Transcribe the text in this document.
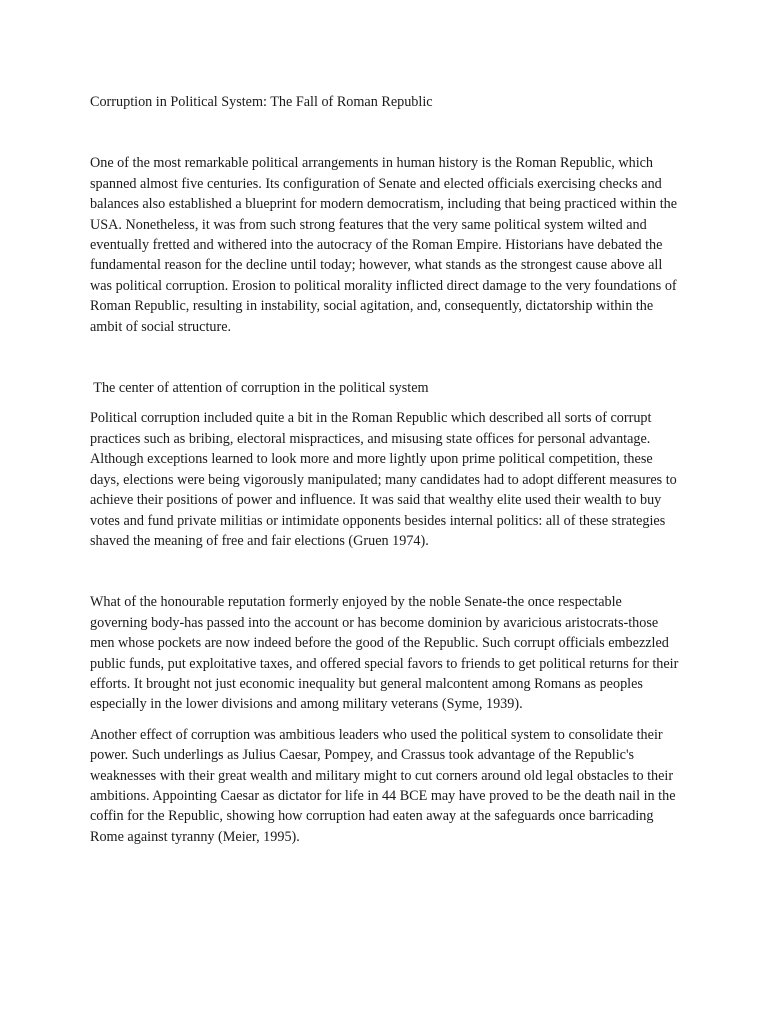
Corruption in Political System: The Fall of Roman Republic

One of the most remarkable political arrangements in human history is the Roman Republic, which spanned almost five centuries. Its configuration of Senate and elected officials exercising checks and balances also established a blueprint for modern democratism, including that being practiced within the USA. Nonetheless, it was from such strong features that the very same political system wilted and eventually fretted and withered into the autocracy of the Roman Empire. Historians have debated the fundamental reason for the decline until today; however, what stands as the strongest cause above all was political corruption. Erosion to political morality inflicted direct damage to the very foundations of Roman Republic, resulting in instability, social agitation, and, consequently, dictatorship within the ambit of social structure.

The center of attention of corruption in the political system

Political corruption included quite a bit in the Roman Republic which described all sorts of corrupt practices such as bribing, electoral mispractices, and misusing state offices for personal advantage. Although exceptions learned to look more and more lightly upon prime political competition, these days, elections were being vigorously manipulated; many candidates had to adopt different measures to achieve their positions of power and influence. It was said that wealthy elite used their wealth to buy votes and fund private militias or intimidate opponents besides internal politics: all of these strategies shaved the meaning of free and fair elections (Gruen 1974).

What of the honourable reputation formerly enjoyed by the noble Senate-the once respectable governing body-has passed into the account or has become dominion by avaricious aristocrats-those men whose pockets are now indeed before the good of the Republic. Such corrupt officials embezzled public funds, put exploitative taxes, and offered special favors to friends to get political returns for their efforts. It brought not just economic inequality but general malcontent among Romans as peoples especially in the lower divisions and among military veterans (Syme, 1939).

Another effect of corruption was ambitious leaders who used the political system to consolidate their power. Such underlings as Julius Caesar, Pompey, and Crassus took advantage of the Republic's weaknesses with their great wealth and military might to cut corners around old legal obstacles to their ambitions. Appointing Caesar as dictator for life in 44 BCE may have proved to be the death nail in the coffin for the Republic, showing how corruption had eaten away at the safeguards once barricading Rome against tyranny (Meier, 1995).
